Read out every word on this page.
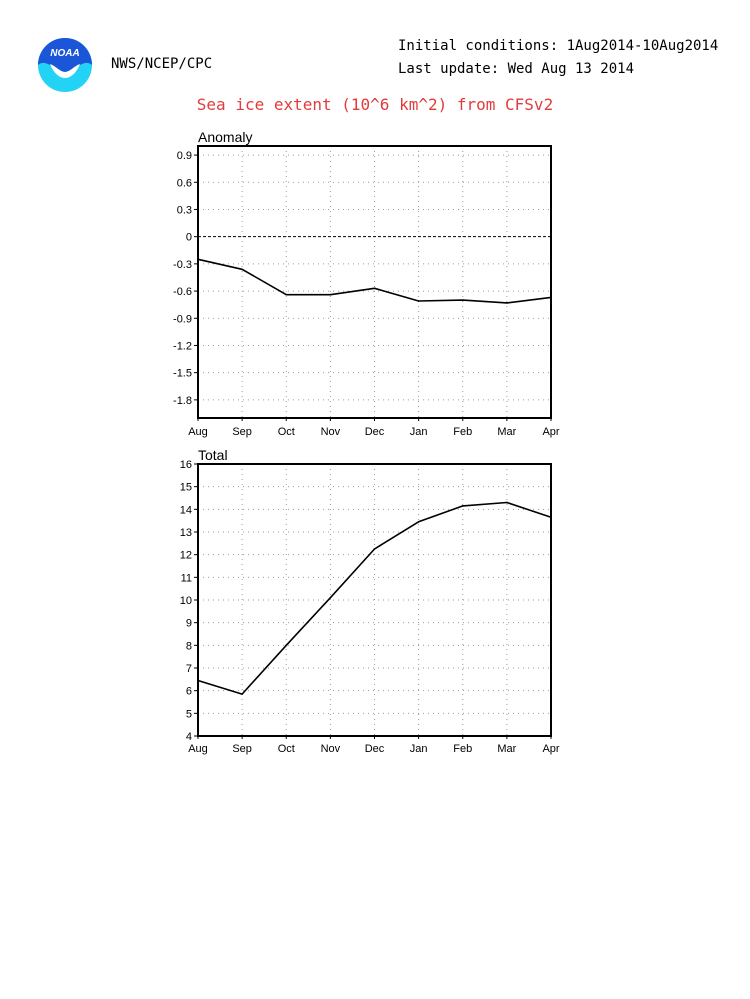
NOAA
NWS/NCEP/CPC
Initial conditions: 1Aug2014-10Aug2014
Last update: Wed Aug 13 2014
Sea ice extent (10^6 km^2) from CFSv2
0.9
0.6
0.3
0
-0.3
-0.6
-0.9
-1.2
-1.5
-1.8
Aug Sep Oct Nov Dec Jan Feb Mar Apr
Anomaly
16
15
14
13
12
11
10
9
8
7
6
5
4
Aug Sep Oct Nov Dec Jan Feb Mar Apr
Total
